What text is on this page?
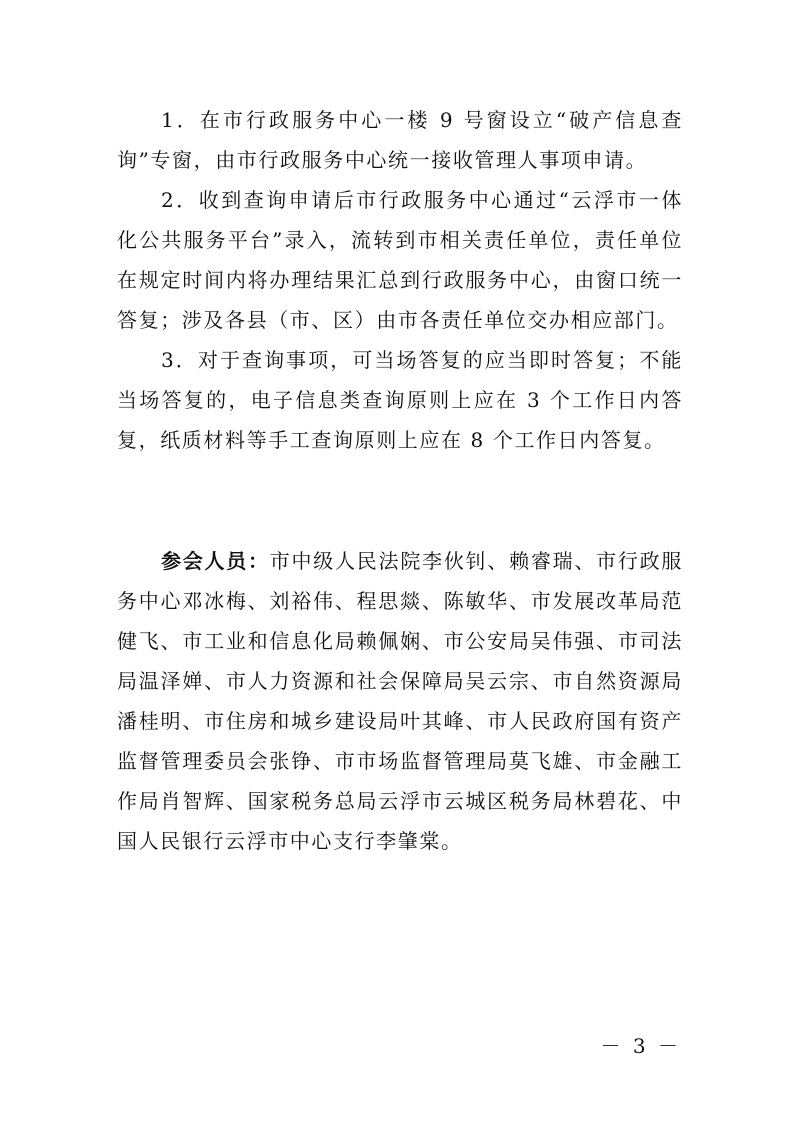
1．在市行政服务中心一楼 9 号窗设立“破产信息查询”专窗，由市行政服务中心统一接收管理人事项申请。

2．收到查询申请后市行政服务中心通过“云浮市一体化公共服务平台”录入，流转到市相关责任单位，责任单位在规定时间内将办理结果汇总到行政服务中心，由窗口统一答复；涉及各县（市、区）由市各责任单位交办相应部门。

3．对于查询事项，可当场答复的应当即时答复；不能当场答复的，电子信息类查询原则上应在 3 个工作日内答复，纸质材料等手工查询原则上应在 8 个工作日内答复。

参会人员：市中级人民法院李伙钊、赖睿瑞、市行政服务中心邓冰梅、刘裕伟、程思燚、陈敏华、市发展改革局范健飞、市工业和信息化局赖佩娴、市公安局吴伟强、市司法局温泽婵、市人力资源和社会保障局吴云宗、市自然资源局潘桂明、市住房和城乡建设局叶其峰、市人民政府国有资产监督管理委员会张铮、市市场监督管理局莫飞雄、市金融工作局肖智辉、国家税务总局云浮市云城区税务局林碧花、中国人民银行云浮市中心支行李肇棠。

－ 3 －
